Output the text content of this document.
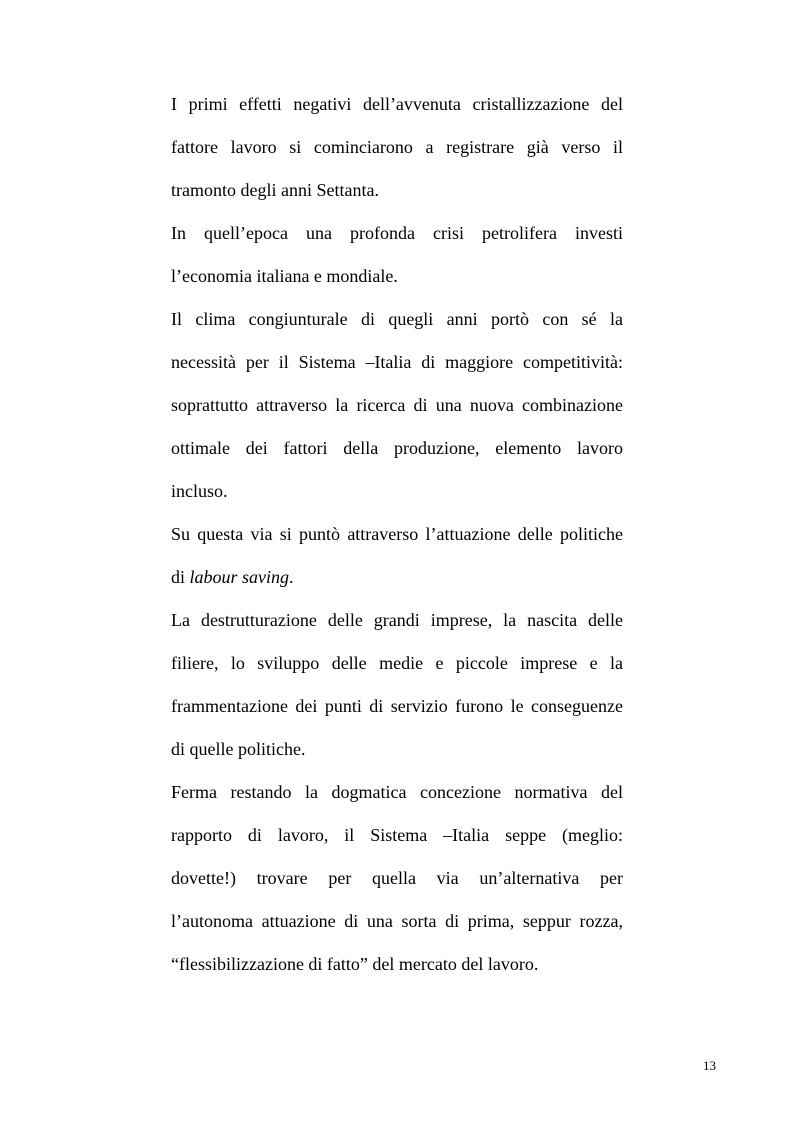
I primi effetti negativi dell’avvenuta cristallizzazione del
fattore lavoro si cominciarono a registrare già verso il
tramonto degli anni Settanta.
In quell’epoca una profonda crisi petrolifera investi
l’economia italiana e mondiale.
Il clima congiunturale di quegli anni portò con sé la
necessità per il Sistema –Italia di maggiore competitività:
soprattutto attraverso la ricerca di una nuova combinazione
ottimale dei fattori della produzione, elemento lavoro
incluso.
Su questa via si puntò attraverso l’attuazione delle politiche
di labour saving.
La destrutturazione delle grandi imprese, la nascita delle
filiere, lo sviluppo delle medie e piccole imprese e la
frammentazione dei punti di servizio furono le conseguenze
di quelle politiche.
Ferma restando la dogmatica concezione normativa del
rapporto di lavoro, il Sistema –Italia seppe (meglio:
dovette!) trovare per quella via un’alternativa per
l’autonoma attuazione di una sorta di prima, seppur rozza,
“flessibilizzazione di fatto” del mercato del lavoro.
13
